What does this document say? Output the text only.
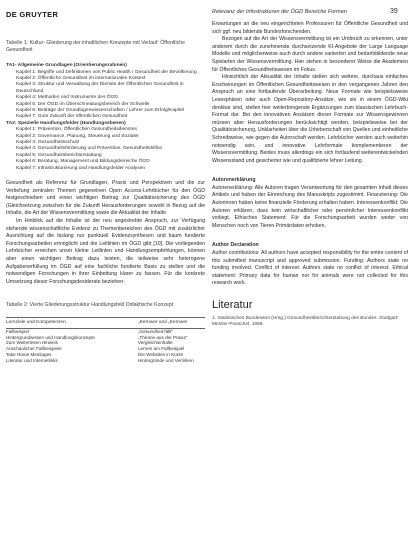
DE GRUYTER	Relevanz der Infostrukturen der ÖGD Bereiche Formen	39
Tabelle 1: Kultur- Gliederung der inhaltlichen Konzepte mit Verlauf: Öffentliche Gesundheit
TA1- Allgemeine Grundlagen (Orientierungsrahmen)
Kapitel 1: Begriffe und Definitionen von Public Health / Gesundheit der Bevölkerung
Kapitel 2: Öffentliche Gesundheit im internationalen Kontext
Kapitel 3: Struktur und Verwaltung der Dienste der Öffentlichen Gesundheit in Deutschland
Kapitel 4: Methoden und Instrumente des ÖGD
Kapitel 5: Der ÖGD im Überschneidungsbereich der Schwelle
Kapitel 6: Beiträge der Grundlagenwissenschaften / Lehrer zum Erfolg/Kapitel
Kapitel 7: Gute Zukunft der öffentlichen Gesundheit
TA2: Spezielle Handlungsfelder (Handlungsebenen)
Kapitel 1: Prävention, Öffentlichen Gesundheitsdienstes
Kapitel 2: Governance, Planung, Steuerung und Sozialer
Kapitel 3: Gesundheitsschutz
Kapitel 4: Gesundheitsförderung und Prävention, Gesundheitshilfen
Kapitel 5: Gesundheitsberichterstattung
Kapitel 6: Beratung, Management und Bildungsbereiche ÖGD
Kapitel 7: Infrastrukturierung und Handlungsfelder Analysen

Gesundheit als Referenz für Grundlagen, Praxis und Perspektiven und die zur Vertiefung zentralen Themen gegeneinen Open Access-Lehrbücher für den ÖGD festgeschrieben und einen wichtigen Beitrag zur Qualitätssicherung des ÖGD (Gleichsetzung zwischen für die Zukunft Herausforderungen sowohl in Bezug auf die Inhalte, die Art der Wissensvermittlung sowie die Aktualität der Inhalte.

Im Hinblick auf die Inhalte ist der neu angestrebte Anspruch, zur Verfügung stehende wissenschaftliche Evidenz zu Themenbereichen des ÖGD mit zusätzlicher Ausrichtung auf die bislang nur punktuell Evidenzsynthesen und kaum fundierte Forschungsarbeiten ermöglicht und die Leitlinien im ÖGD gibt [10]. Die vorliegenden Lehrbücher erreichen unser kleine Leitlinien und Handlungsempfehlungen, können aber einen wichtigen Beitrag dazu leisten, die teilweise sehr heterogene Aufgabenerfüllung im ÖGD auf eine fachliche fundierte Basis zu stellen und die notwendigen Forschungen in ihrer Einbettung klarer zu fassen. Für die konkrete Umsetzung dieser Forschungsdesiderate beziehen-

Tabelle 2: Vierte Gliederungsstruktur Handlungsfeld Didaktische Konzept
Lernziele und Kompetenzen	„Kernwer und „Kernwer
Fallbeispiel	„Gesundheit fällt"
Hintergrundwissen und Handlungskonzepte	„Theorie aus der Praxis"
Zum Weiterlesen Hinweis	Vergleichsinhalte
Anschaulicher Fallbeispiele	Lernen am Fallbeispiel
Take Home Messages	Die Websites in Kürze
Literatur und Internetlinks	Hintergründe und Verlinken

Erwartungen an die neu eingerichteten Professuren für Öffentliche Gesundheit und sich ggf. neu bildende Bundesforschenden.

Bezogen auf die Art der Wissensvermittlung ist ein Umbruch zu erkennen, unter anderem durch die zunehmende durchsetzende KI-Angebote der Large Language Modelle und möglicherweise auch durch andere variierten und bedarfsbildende neue Spielarten der Wissensvermittlung. Hier stehen in besonderer Weise die Akademien für Öffentliches Gesundheitswesen im Fokus.

Hinsichtlich der Aktualität der Inhalte stellen sich weitere, durchaus einfaches Erscheinungen im Öffentlichen Gesundheitswesen in den vergangenen Jahren den Anspruch an eine fortlaufende Überarbeitung. Neue Formate wie beispielsweise Lesesphären oder auch Open-Repository-Ansätze, wie sie in einem ÖGD-Wiki denkbar sind, stellen hier weiterbringende Ergänzungen zum klassischen Lehrbuch-Format dar. Bei den innovativen Ansätzen dieser Formate zur Wissensgewinnen müssen aber Herausforderungen berücksichtigt werden, beispielsweise bei der Qualitätssicherung, Unklarheiten über die Urheberschaft von Quellen und einheitliche Schreibweise, wie gegen die Autorschaft werden. Lehrbücher werden auch weiterhin notwendig sein, und innovative Lehrformate komplementieren der Wissensvermittlung. Beides muss allerdings ein sich fortlaufend weiterentwickelnden Wissensstand und gesicherter wie und qualifizierte lehrer Leitung.

Autorenerklärung

Autorenerklärung: Alle Autoren tragen Verantwortung für den gesamten Inhalt dieses Artikels und haben der Einreichung des Manuskripts zugestimmt. Finanzierung: Die Autorinnen haben keine finanzielle Förderung erhalten haben. Interessenkonflikt: Die Autoren erklären, dass kein wirtschaftlicher oder persönlicher Interessenkonflikt vorliegt. Ethisches Statement: Für die Forschungsarbeit wurden weder von Menschen noch von Tieren Primärdaten erhoben.

Author Declaration

Author contributions: All authors have accepted responsibility for the entire content of this submitted manuscript and approved submission. Funding: Authors state no funding involved. Conflict of interest: Authors state no conflict of interest. Ethical statement: Primary data for human nor for animals were not collected for this research work.

Literatur
1. Statistisches Bundesamt (Hrsg.) Gesundheitsberichterstattung des Bundes. Stuttgart: Metzler-Poeschel, 1998.
